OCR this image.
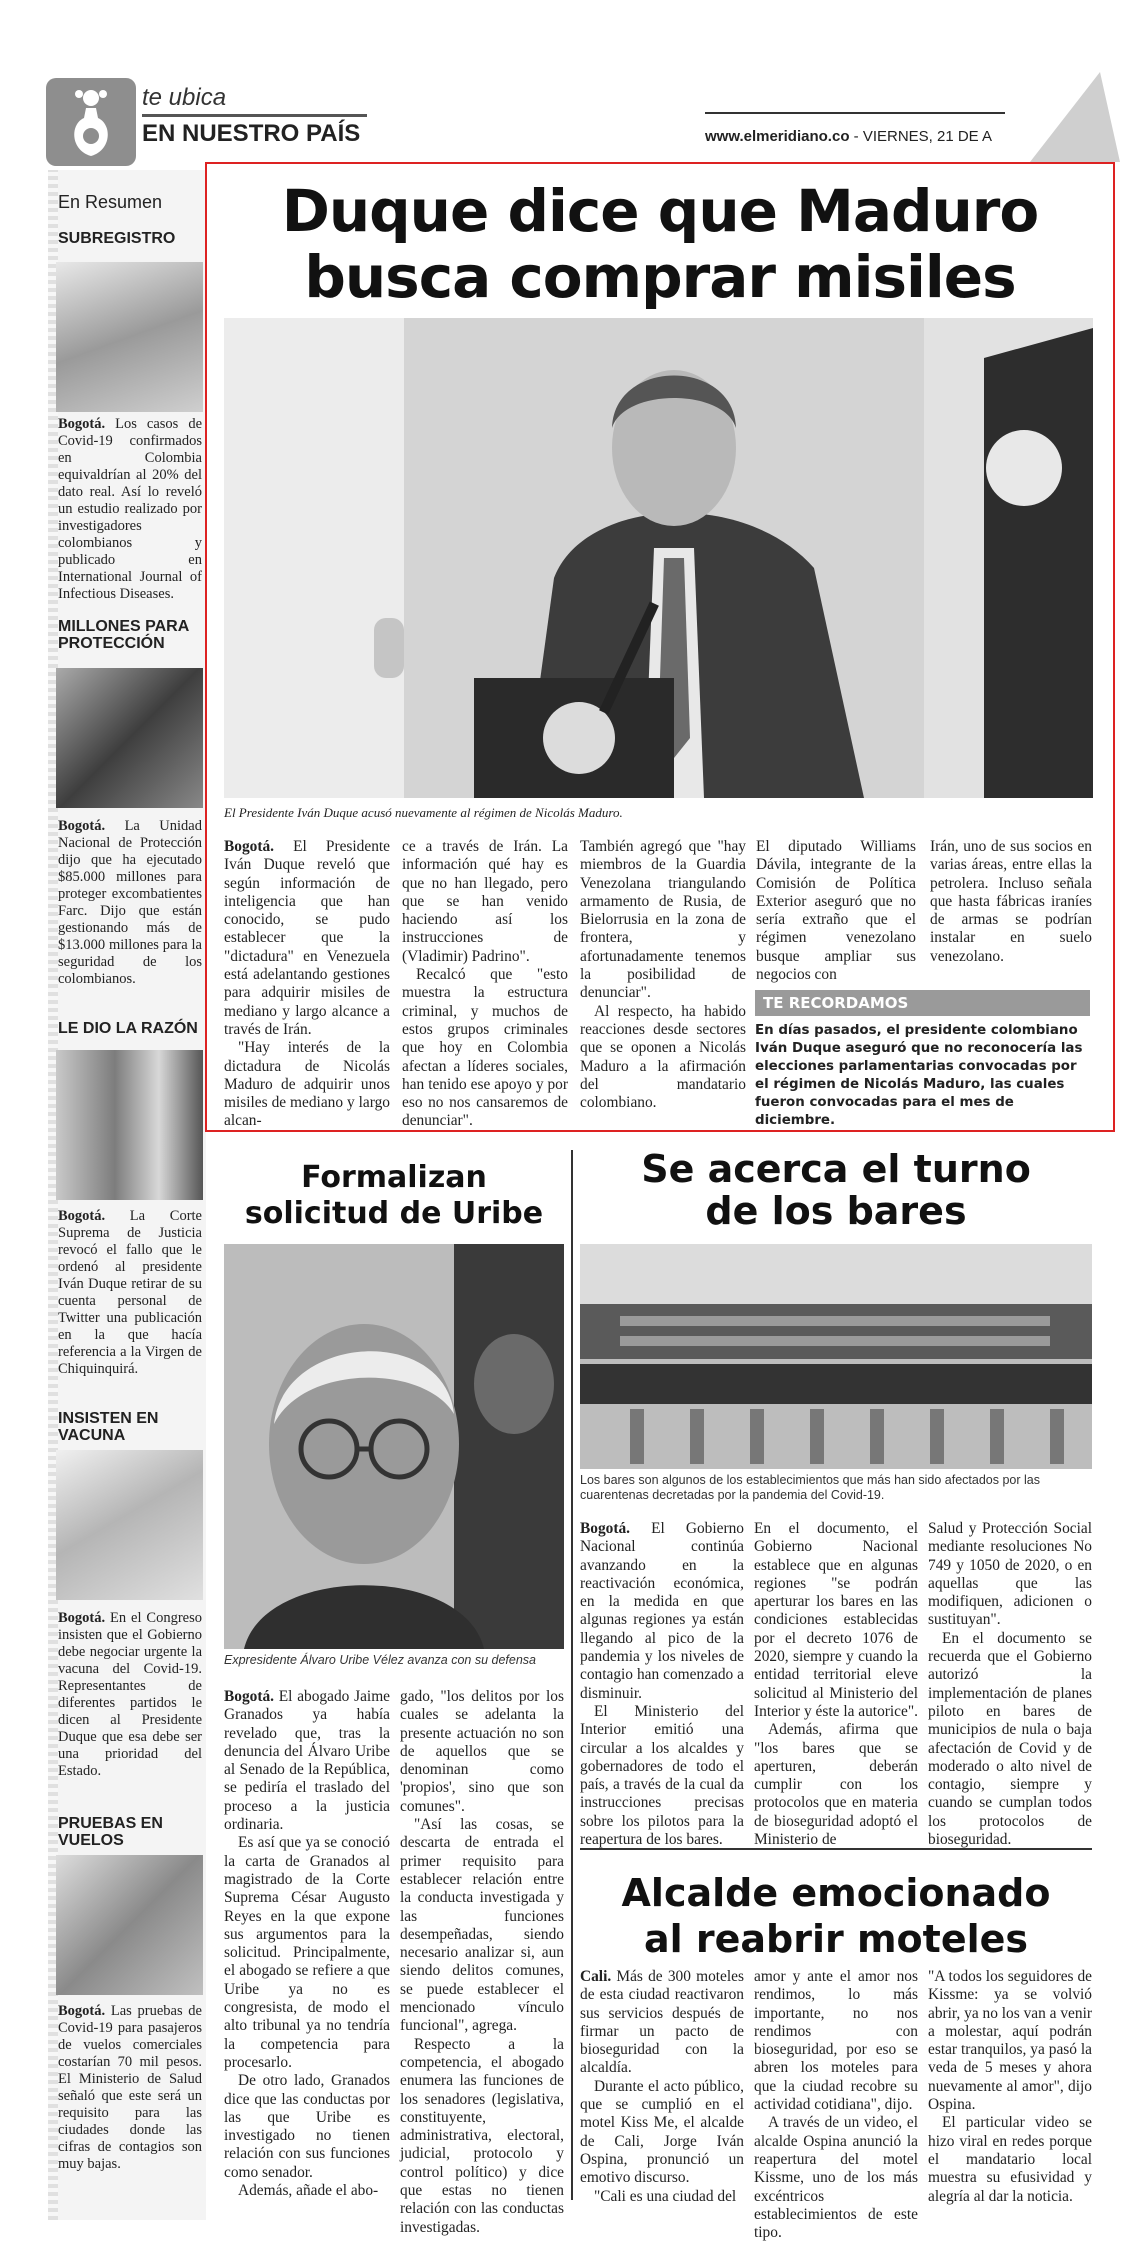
te ubica
EN NUESTRO PAÍS	www.elmeridiano.co - VIERNES, 21 DE A
En Resumen
SUBREGISTRO
Bogotá. Los casos de Covid-19 confirmados en Colombia equivaldrían al 20% del dato real. Así lo reveló un estudio realizado por investigadores colombianos y publicado en International Journal of Infectious Diseases.
MILLONES PARA PROTECCIÓN
Bogotá. La Unidad Nacional de Protección dijo que ha ejecutado $85.000 millones para proteger excombatientes Farc. Dijo que están gestionando más de $13.000 millones para la seguridad de los colombianos.
LE DIO LA RAZÓN
Bogotá. La Corte Suprema de Justicia revocó el fallo que le ordenó al presidente Iván Duque retirar de su cuenta personal de Twitter una publicación en la que hacía referencia a la Virgen de Chiquinquirá.
INSISTEN EN VACUNA
Bogotá. En el Congreso insisten que el Gobierno debe negociar urgente la vacuna del Covid-19. Representantes de diferentes partidos le dicen al Presidente Duque que esa debe ser una prioridad del Estado.
PRUEBAS EN VUELOS
Bogotá. Las pruebas de Covid-19 para pasajeros de vuelos comerciales costarían 70 mil pesos. El Ministerio de Salud señaló que este será un requisito para las ciudades donde las cifras de contagios son muy bajas.
Duque dice que Maduro
busca comprar misiles
El Presidente Iván Duque acusó nuevamente al régimen de Nicolás Maduro.

Bogotá. El Presidente Iván Duque reveló que según información de inteligencia que han conocido, se pudo establecer que la "dictadura" en Venezuela está adelantando gestiones para adquirir misiles de mediano y largo alcance a través de Irán.

"Hay interés de la dictadura de Nicolás Maduro de adquirir unos misiles de mediano y largo alcan-

ce a través de Irán. La información qué hay es que no han llegado, pero que se han venido haciendo así los instrucciones de (Vladimir) Padrino".

Recalcó que "esto muestra la estructura criminal, y muchos de estos grupos criminales que hoy en Colombia afectan a líderes sociales, han tenido ese apoyo y por eso no nos cansaremos de denunciar".

También agregó que "hay miembros de la Guardia Venezolana triangulando armamento de Rusia, de Bielorrusia en la zona de frontera, y afortunadamente tenemos la posibilidad de denunciar".

Al respecto, ha habido reacciones desde sectores que se oponen a Nicolás Maduro a la afirmación del mandatario colombiano.

El diputado Williams Dávila, integrante de la Comisión de Política Exterior aseguró que no sería extraño que el régimen venezolano busque ampliar sus negocios con

Irán, uno de sus socios en varias áreas, entre ellas la petrolera. Incluso señala que hasta fábricas iraníes de armas se podrían instalar en suelo venezolano.

TE RECORDAMOS
En días pasados, el presidente colombiano Iván Duque aseguró que no reconocería las elecciones parlamentarias convocadas por el régimen de Nicolás Maduro, las cuales fueron convocadas para el mes de diciembre.
Formalizan
solicitud de Uribe
Expresidente Álvaro Uribe Vélez avanza con su defensa

Bogotá. El abogado Jaime Granados ya había revelado que, tras la denuncia del Álvaro Uribe al Senado de la República, se pediría el traslado del proceso a la justicia ordinaria.

Es así que ya se conoció la carta de Granados al magistrado de la Corte Suprema César Augusto Reyes en la que expone sus argumentos para la solicitud. Principalmente, el abogado se refiere a que Uribe ya no es congresista, de modo el alto tribunal ya no tendría la competencia para procesarlo.

De otro lado, Granados dice que las conductas por las que Uribe es investigado no tienen relación con sus funciones como senador.

Además, añade el abo-

gado, "los delitos por los cuales se adelanta la presente actuación no son de aquellos que se denominan como 'propios', sino que son comunes".

"Así las cosas, se descarta de entrada el primer requisito para establecer relación entre la conducta investigada y las funciones desempeñadas, siendo necesario analizar si, aun siendo delitos comunes, se puede establecer el mencionado vínculo funcional", agrega.

Respecto a la competencia, el abogado enumera las funciones de los senadores (legislativa, constituyente, administrativa, electoral, judicial, protocolo y control político) y dice que estas no tienen relación con las conductas investigadas.

Se acerca el turno
de los bares
Los bares son algunos de los establecimientos que más han sido afectados por las cuarentenas decretadas por la pandemia del Covid-19.

Bogotá. El Gobierno Nacional continúa avanzando en la reactivación económica, en la medida en que algunas regiones ya están llegando al pico de la pandemia y los niveles de contagio han comenzado a disminuir.

El Ministerio del Interior emitió una circular a los alcaldes y gobernadores de todo el país, a través de la cual da instrucciones precisas sobre los pilotos para la reapertura de los bares.

En el documento, el Gobierno Nacional establece que en algunas regiones "se podrán aperturar los bares en las condiciones establecidas por el decreto 1076 de 2020, siempre y cuando la entidad territorial eleve solicitud al Ministerio del Interior y éste la autorice".

Además, afirma que "los bares que se aperturen, deberán cumplir con los protocolos que en materia de bioseguridad adoptó el Ministerio de

Salud y Protección Social mediante resoluciones No 749 y 1050 de 2020, o en aquellas que las modifiquen, adicionen o sustituyan".

En el documento se recuerda que el Gobierno autorizó la implementación de planes piloto en bares de municipios de nula o baja afectación de Covid y de moderado o alto nivel de contagio, siempre y cuando se cumplan todos los protocolos de bioseguridad.

Alcalde emocionado
al reabrir moteles

Cali. Más de 300 moteles de esta ciudad reactivaron sus servicios después de firmar un pacto de bioseguridad con la alcaldía.

Durante el acto público, que se cumplió en el motel Kiss Me, el alcalde de Cali, Jorge Iván Ospina, pronunció un emotivo discurso.

"Cali es una ciudad del

amor y ante el amor nos rendimos, lo más importante, no nos rendimos con bioseguridad, por eso se abren los moteles para que la ciudad recobre su actividad cotidiana", dijo.

A través de un video, el alcalde Ospina anunció la reapertura del motel Kissme, uno de los más excéntricos establecimientos de este tipo.

"A todos los seguidores de Kissme: ya se volvió abrir, ya no los van a venir a molestar, aquí podrán estar tranquilos, ya pasó la veda de 5 meses y ahora nuevamente al amor", dijo Ospina.

El particular video se hizo viral en redes porque el mandatario local muestra su efusividad y alegría al dar la noticia.
